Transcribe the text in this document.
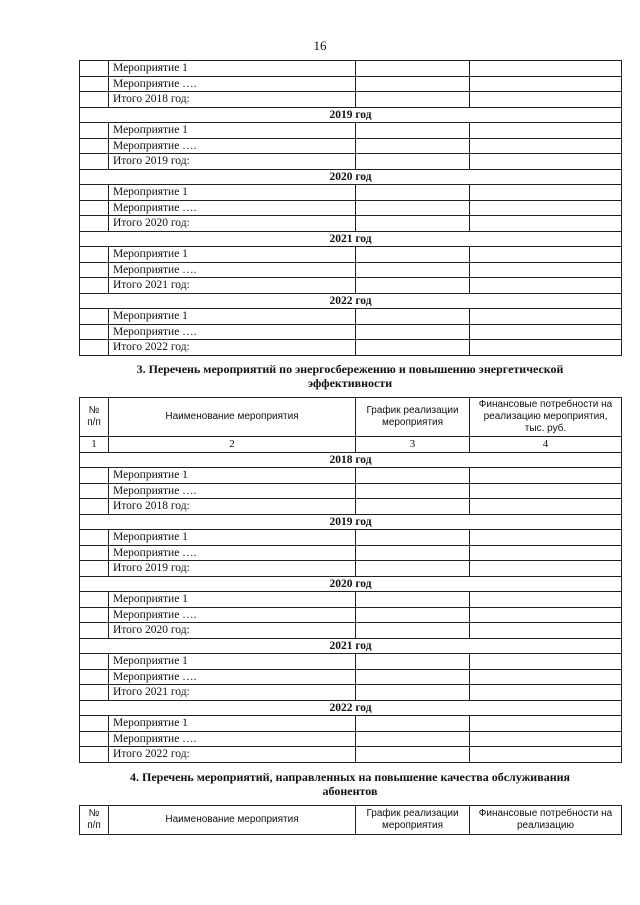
16
	Мероприятие 1		
	Мероприятие ….		
	Итого 2018 год:		
2019 год			
	Мероприятие 1		
	Мероприятие ….		
	Итого 2019 год:		
2020 год			
	Мероприятие 1		
	Мероприятие ….		
	Итого 2020 год:		
2021 год			
	Мероприятие 1		
	Мероприятие ….		
	Итого 2021 год:		
2022 год			
	Мероприятие 1		
	Мероприятие ….		
	Итого 2022 год:		
3. Перечень мероприятий по энергосбережению и повышению энергетической
эффективности
№ п/п	Наименование мероприятия	График реализации мероприятия	Финансовые потребности на реализацию мероприятия, тыс. руб.
1	2	3	4
2018 год			
	Мероприятие 1		
	Мероприятие ….		
	Итого 2018 год:		
2019 год			
	Мероприятие 1		
	Мероприятие ….		
	Итого 2019 год:		
2020 год			
	Мероприятие 1		
	Мероприятие ….		
	Итого 2020 год:		
2021 год			
	Мероприятие 1		
	Мероприятие ….		
	Итого 2021 год:		
2022 год			
	Мероприятие 1		
	Мероприятие ….		
	Итого 2022 год:		
4. Перечень мероприятий, направленных на повышение качества обслуживания
абонентов
№ п/п	Наименование мероприятия	График реализации мероприятия	Финансовые потребности на реализацию
